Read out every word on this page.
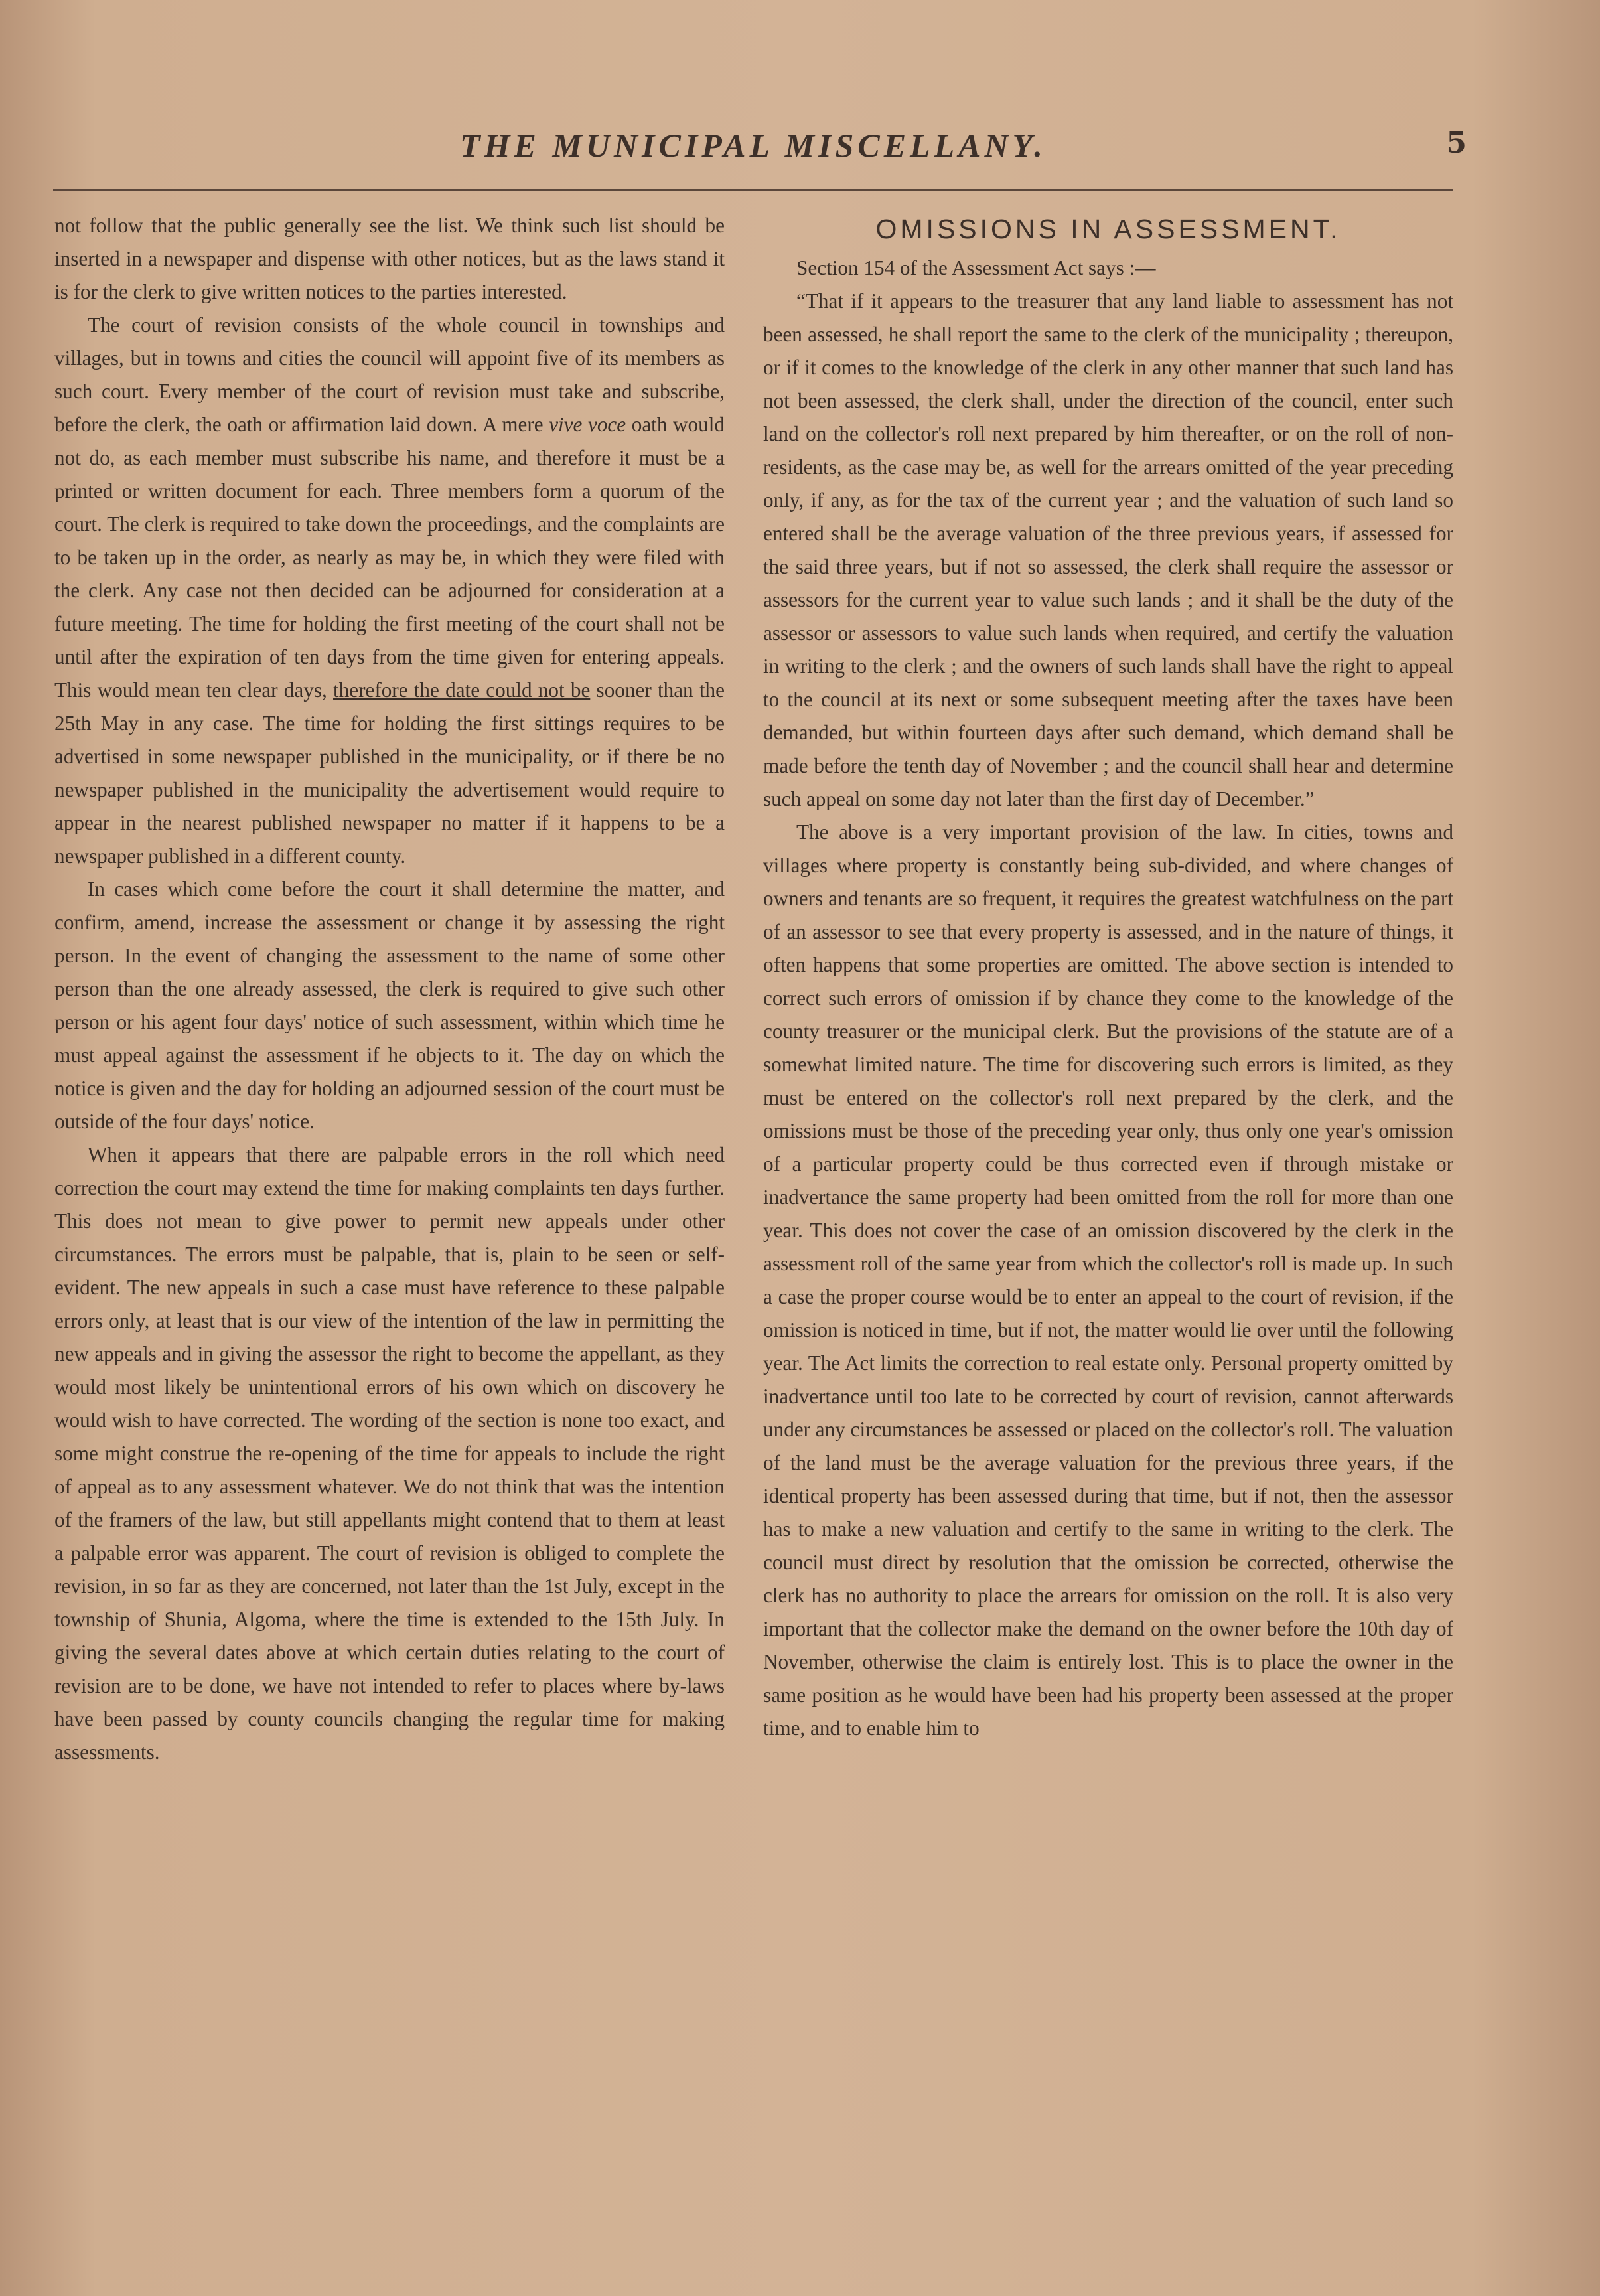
THE MUNICIPAL MISCELLANY.	5

not follow that the public generally see the list. We think such list should be inserted in a newspaper and dispense with other notices, but as the laws stand it is for the clerk to give written notices to the parties interested.

The court of revision consists of the whole council in townships and villages, but in towns and cities the council will appoint five of its members as such court. Every member of the court of revision must take and subscribe, before the clerk, the oath or affirmation laid down. A mere vive voce oath would not do, as each member must subscribe his name, and therefore it must be a printed or written document for each. Three members form a quorum of the court. The clerk is required to take down the proceedings, and the complaints are to be taken up in the order, as nearly as may be, in which they were filed with the clerk. Any case not then decided can be adjourned for consideration at a future meeting. The time for holding the first meeting of the court shall not be until after the expiration of ten days from the time given for entering appeals. This would mean ten clear days, therefore the date could not be sooner than the 25th May in any case. The time for holding the first sittings requires to be advertised in some newspaper published in the municipality, or if there be no newspaper published in the municipality the advertisement would require to appear in the nearest published newspaper no matter if it happens to be a newspaper published in a different county.

In cases which come before the court it shall determine the matter, and confirm, amend, increase the assessment or change it by assessing the right person. In the event of changing the assessment to the name of some other person than the one already assessed, the clerk is required to give such other person or his agent four days' notice of such assessment, within which time he must appeal against the assessment if he objects to it. The day on which the notice is given and the day for holding an adjourned session of the court must be outside of the four days' notice.

When it appears that there are palpable errors in the roll which need correction the court may extend the time for making complaints ten days further. This does not mean to give power to permit new appeals under other circumstances. The errors must be palpable, that is, plain to be seen or self-evident. The new appeals in such a case must have reference to these palpable errors only, at least that is our view of the intention of the law in permitting the new appeals and in giving the assessor the right to become the appellant, as they would most likely be unintentional errors of his own which on discovery he would wish to have corrected. The wording of the section is none too exact, and some might construe the re-opening of the time for appeals to include the right of appeal as to any assessment whatever. We do not think that was the intention of the framers of the law, but still appellants might contend that to them at least a palpable error was apparent. The court of revision is obliged to complete the revision, in so far as they are concerned, not later than the 1st July, except in the township of Shunia, Algoma, where the time is extended to the 15th July. In giving the several dates above at which certain duties relating to the court of revision are to be done, we have not intended to refer to places where by-laws have been passed by county councils changing the regular time for making assessments.

OMISSIONS IN ASSESSMENT.

Section 154 of the Assessment Act says :—

“That if it appears to the treasurer that any land liable to assessment has not been assessed, he shall report the same to the clerk of the municipality ; thereupon, or if it comes to the knowledge of the clerk in any other manner that such land has not been assessed, the clerk shall, under the direction of the council, enter such land on the collector's roll next prepared by him thereafter, or on the roll of non-residents, as the case may be, as well for the arrears omitted of the year preceding only, if any, as for the tax of the current year ; and the valuation of such land so entered shall be the average valuation of the three previous years, if assessed for the said three years, but if not so assessed, the clerk shall require the assessor or assessors for the current year to value such lands ; and it shall be the duty of the assessor or assessors to value such lands when required, and certify the valuation in writing to the clerk ; and the owners of such lands shall have the right to appeal to the council at its next or some subsequent meeting after the taxes have been demanded, but within fourteen days after such demand, which demand shall be made before the tenth day of November ; and the council shall hear and determine such appeal on some day not later than the first day of December.”

The above is a very important provision of the law. In cities, towns and villages where property is constantly being sub-divided, and where changes of owners and tenants are so frequent, it requires the greatest watchfulness on the part of an assessor to see that every property is assessed, and in the nature of things, it often happens that some properties are omitted. The above section is intended to correct such errors of omission if by chance they come to the knowledge of the county treasurer or the municipal clerk. But the provisions of the statute are of a somewhat limited nature. The time for discovering such errors is limited, as they must be entered on the collector's roll next prepared by the clerk, and the omissions must be those of the preceding year only, thus only one year's omission of a particular property could be thus corrected even if through mistake or inadvertance the same property had been omitted from the roll for more than one year. This does not cover the case of an omission discovered by the clerk in the assessment roll of the same year from which the collector's roll is made up. In such a case the proper course would be to enter an appeal to the court of revision, if the omission is noticed in time, but if not, the matter would lie over until the following year. The Act limits the correction to real estate only. Personal property omitted by inadvertance until too late to be corrected by court of revision, cannot afterwards under any circumstances be assessed or placed on the collector's roll. The valuation of the land must be the average valuation for the previous three years, if the identical property has been assessed during that time, but if not, then the assessor has to make a new valuation and certify to the same in writing to the clerk. The council must direct by resolution that the omission be corrected, otherwise the clerk has no authority to place the arrears for omission on the roll. It is also very important that the collector make the demand on the owner before the 10th day of November, otherwise the claim is entirely lost. This is to place the owner in the same position as he would have been had his property been assessed at the proper time, and to enable him to
